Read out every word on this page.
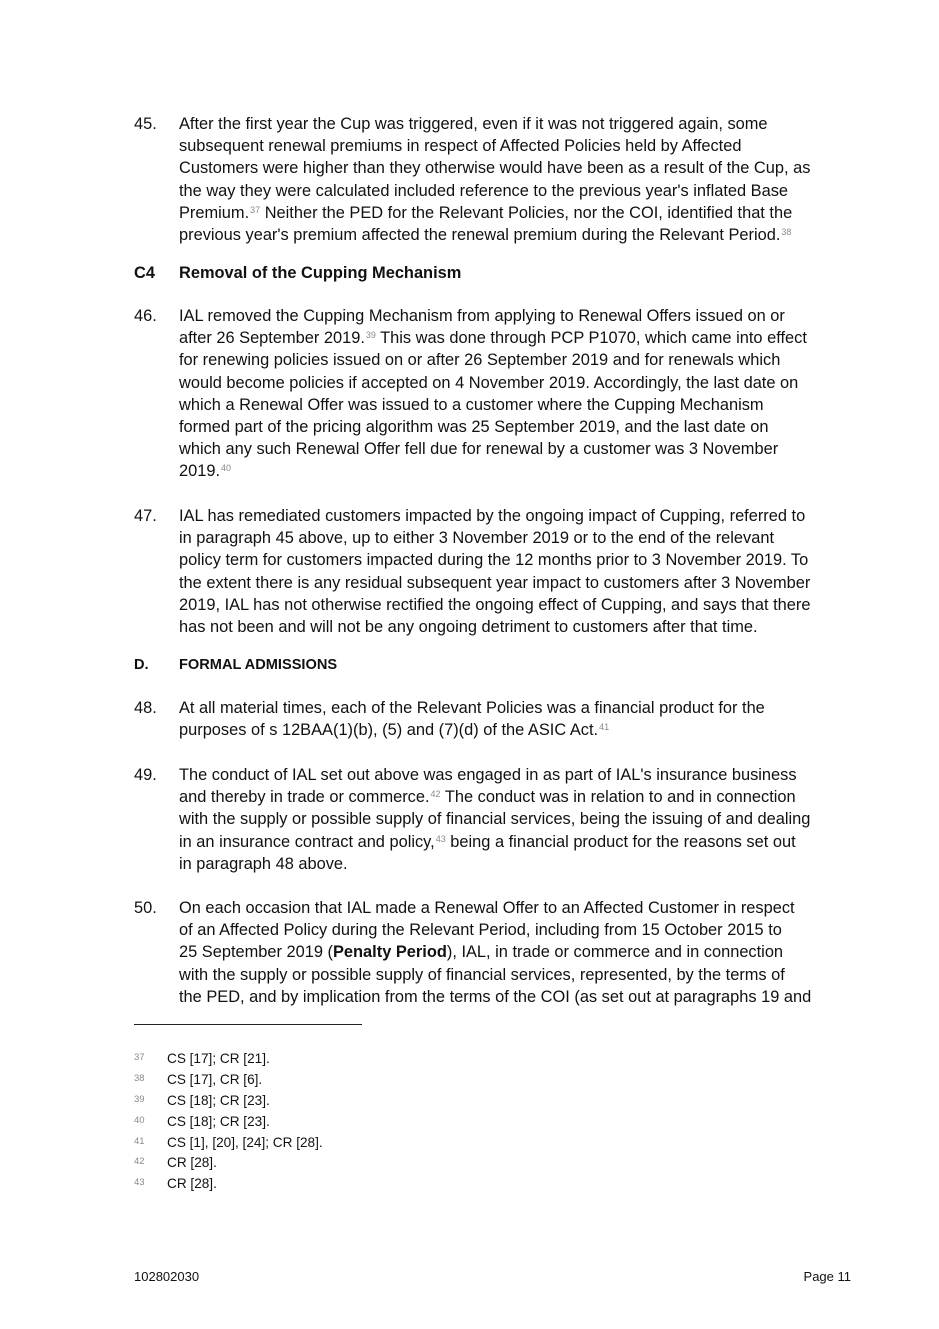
45.	After the first year the Cup was triggered, even if it was not triggered again, some
subsequent renewal premiums in respect of Affected Policies held by Affected
Customers were higher than they otherwise would have been as a result of the Cup, as
the way they were calculated included reference to the previous year's inflated Base
Premium.$^{37}$ Neither the PED for the Relevant Policies, nor the COI, identified that the
previous year's premium affected the renewal premium during the Relevant Period.$^{38}$
C4 Removal of the Cupping Mechanism
46.	IAL removed the Cupping Mechanism from applying to Renewal Offers issued on or
after 26 September 2019.39 This was done through PCP P1070, which came into effect
for renewing policies issued on or after 26 September 2019 and for renewals which
would become policies if accepted on 4 November 2019. Accordingly, the last date on
which a Renewal Offer was issued to a customer where the Cupping Mechanism
formed part of the pricing algorithm was 25 September 2019, and the last date on
which any such Renewal Offer fell due for renewal by a customer was 3 November
2019.40
47.	IAL has remediated customers impacted by the ongoing impact of Cupping, referred to
in paragraph 45 above, up to either 3 November 2019 or to the end of the relevant
policy term for customers impacted during the 12 months prior to 3 November 2019. To
the extent there is any residual subsequent year impact to customers after 3 November
2019, IAL has not otherwise rectified the ongoing effect of Cupping, and says that there
has not been and will not be any ongoing detriment to customers after that time.
D. FORMAL ADMISSIONS
48.	At all material times, each of the Relevant Policies was a financial product for the
purposes of s 12BAA(1)(b), (5) and (7)(d) of the ASIC Act.$^{41}$
49.	The conduct of IAL set out above was engaged in as part of IAL's insurance business
and thereby in trade or commerce.$^{42}$ The conduct was in relation to and in connection
with the supply or possible supply of financial services, being the issuing of and dealing
in an insurance contract and policy,$^{43}$ being a financial product for the reasons set out
in paragraph 48 above.
50.	On each occasion that IAL made a Renewal Offer to an Affected Customer in respect
of an Affected Policy during the Relevant Period, including from 15 October 2015 to
25 September 2019 (Penalty Period), IAL, in trade or commerce and in connection
with the supply or possible supply of financial services, represented, by the terms of
the PED, and by implication from the terms of the COI (as set out at paragraphs 19 and
37 CS [17]; CR [21].
38 CS [17], CR [6].
39 CS [18]; CR [23].
40 CS [18]; CR [23].
41 CS [1], [20], [24]; CR [28].
42 CR [28].
43 CR [28].
102802030	Page 11
